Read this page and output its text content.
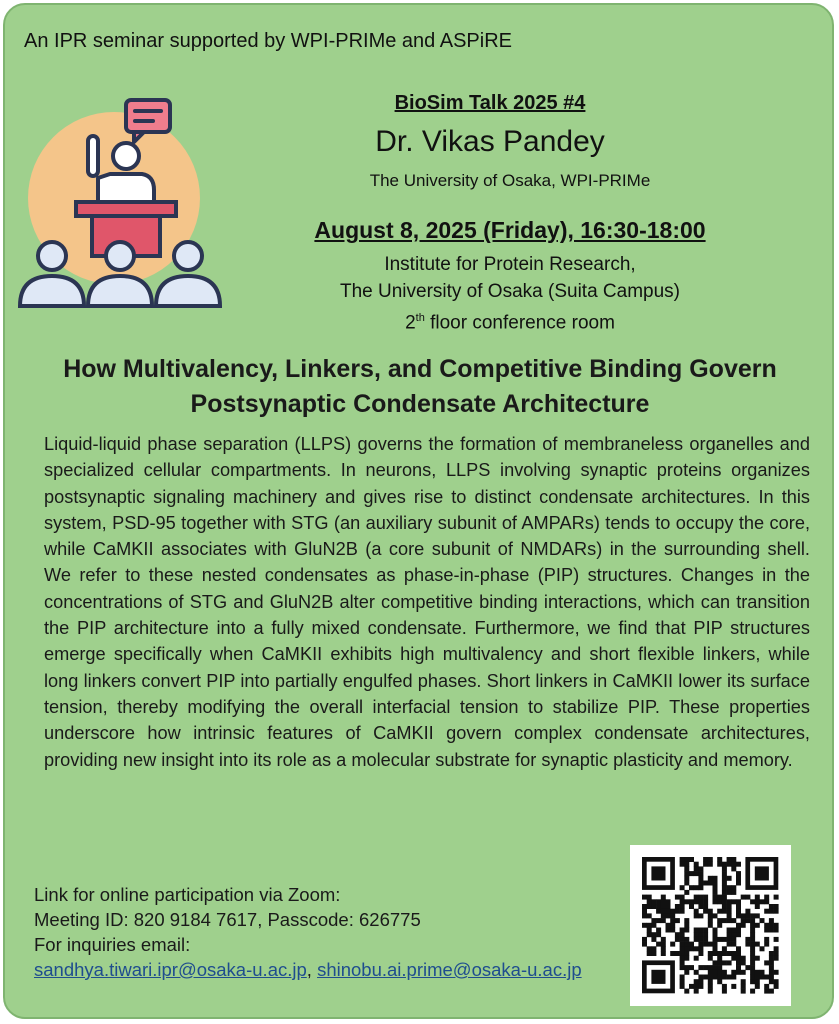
An IPR seminar supported by WPI-PRIMe and ASPiRE
BioSim Talk 2025 #4
Dr. Vikas Pandey
The University of Osaka, WPI-PRIMe
August 8, 2025 (Friday), 16:30-18:00
Institute for Protein Research,
The University of Osaka (Suita Campus)
2th floor conference room
How Multivalency, Linkers, and Competitive Binding Govern
Postsynaptic Condensate Architecture
Liquid-liquid phase separation (LLPS) governs the formation of membraneless organelles and specialized cellular compartments. In neurons, LLPS involving synaptic proteins organizes postsynaptic signaling machinery and gives rise to distinct condensate architectures. In this system, PSD-95 together with STG (an auxiliary subunit of AMPARs) tends to occupy the core, while CaMKII associates with GluN2B (a core subunit of NMDARs) in the surrounding shell. We refer to these nested condensates as phase-in-phase (PIP) structures. Changes in the concentrations of STG and GluN2B alter competitive binding interactions, which can transition the PIP architecture into a fully mixed condensate. Furthermore, we find that PIP structures emerge specifically when CaMKII exhibits high multivalency and short flexible linkers, while long linkers convert PIP into partially engulfed phases. Short linkers in CaMKII lower its surface tension, thereby modifying the overall interfacial tension to stabilize PIP. These properties underscore how intrinsic features of CaMKII govern complex condensate architectures, providing new insight into its role as a molecular substrate for synaptic plasticity and memory.
Link for online participation via Zoom:
Meeting ID: 820 9184 7617, Passcode: 626775
For inquiries email:
sandhya.tiwari.ipr@osaka-u.ac.jp, shinobu.ai.prime@osaka-u.ac.jp
